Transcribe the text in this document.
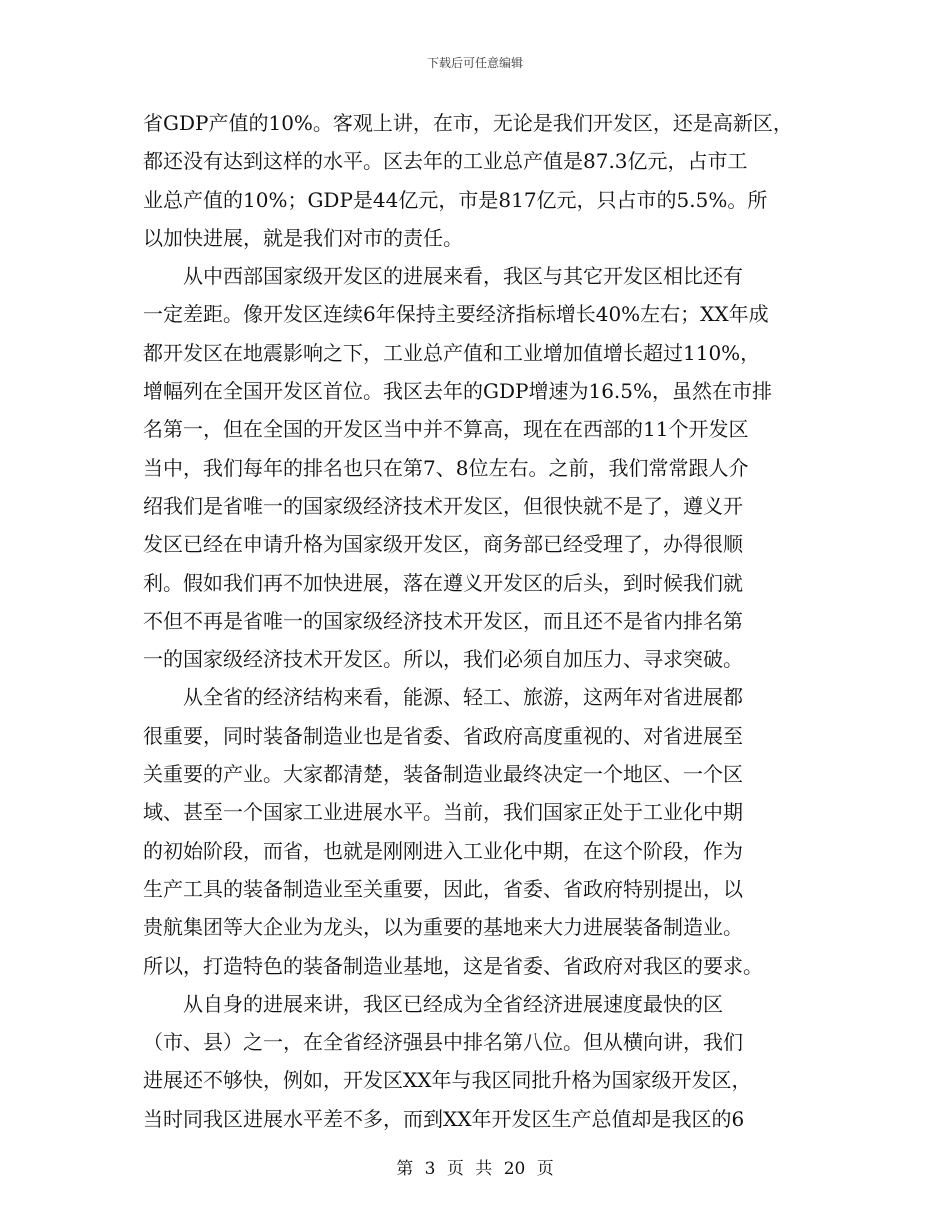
下载后可任意编辑
省GDP产值的10%。客观上讲，在市，无论是我们开发区，还是高新区，
都还没有达到这样的水平。区去年的工业总产值是87.3亿元，占市工
业总产值的10%；GDP是44亿元，市是817亿元，只占市的5.5%。所
以加快进展，就是我们对市的责任。
从中西部国家级开发区的进展来看，我区与其它开发区相比还有
一定差距。像开发区连续6年保持主要经济指标增长40%左右；XX年成
都开发区在地震影响之下，工业总产值和工业增加值增长超过110%，
增幅列在全国开发区首位。我区去年的GDP增速为16.5%，虽然在市排
名第一，但在全国的开发区当中并不算高，现在在西部的11个开发区
当中，我们每年的排名也只在第7、8位左右。之前，我们常常跟人介
绍我们是省唯一的国家级经济技术开发区，但很快就不是了，遵义开
发区已经在申请升格为国家级开发区，商务部已经受理了，办得很顺
利。假如我们再不加快进展，落在遵义开发区的后头，到时候我们就
不但不再是省唯一的国家级经济技术开发区，而且还不是省内排名第
一的国家级经济技术开发区。所以，我们必须自加压力、寻求突破。
从全省的经济结构来看，能源、轻工、旅游，这两年对省进展都
很重要，同时装备制造业也是省委、省政府高度重视的、对省进展至
关重要的产业。大家都清楚，装备制造业最终决定一个地区、一个区
域、甚至一个国家工业进展水平。当前，我们国家正处于工业化中期
的初始阶段，而省，也就是刚刚进入工业化中期，在这个阶段，作为
生产工具的装备制造业至关重要，因此，省委、省政府特别提出，以
贵航集团等大企业为龙头，以为重要的基地来大力进展装备制造业。
所以，打造特色的装备制造业基地，这是省委、省政府对我区的要求。
从自身的进展来讲，我区已经成为全省经济进展速度最快的区
（市、县）之一，在全省经济强县中排名第八位。但从横向讲，我们
进展还不够快，例如，开发区XX年与我区同批升格为国家级开发区，
当时同我区进展水平差不多，而到XX年开发区生产总值却是我区的6
第 3 页 共 20 页
